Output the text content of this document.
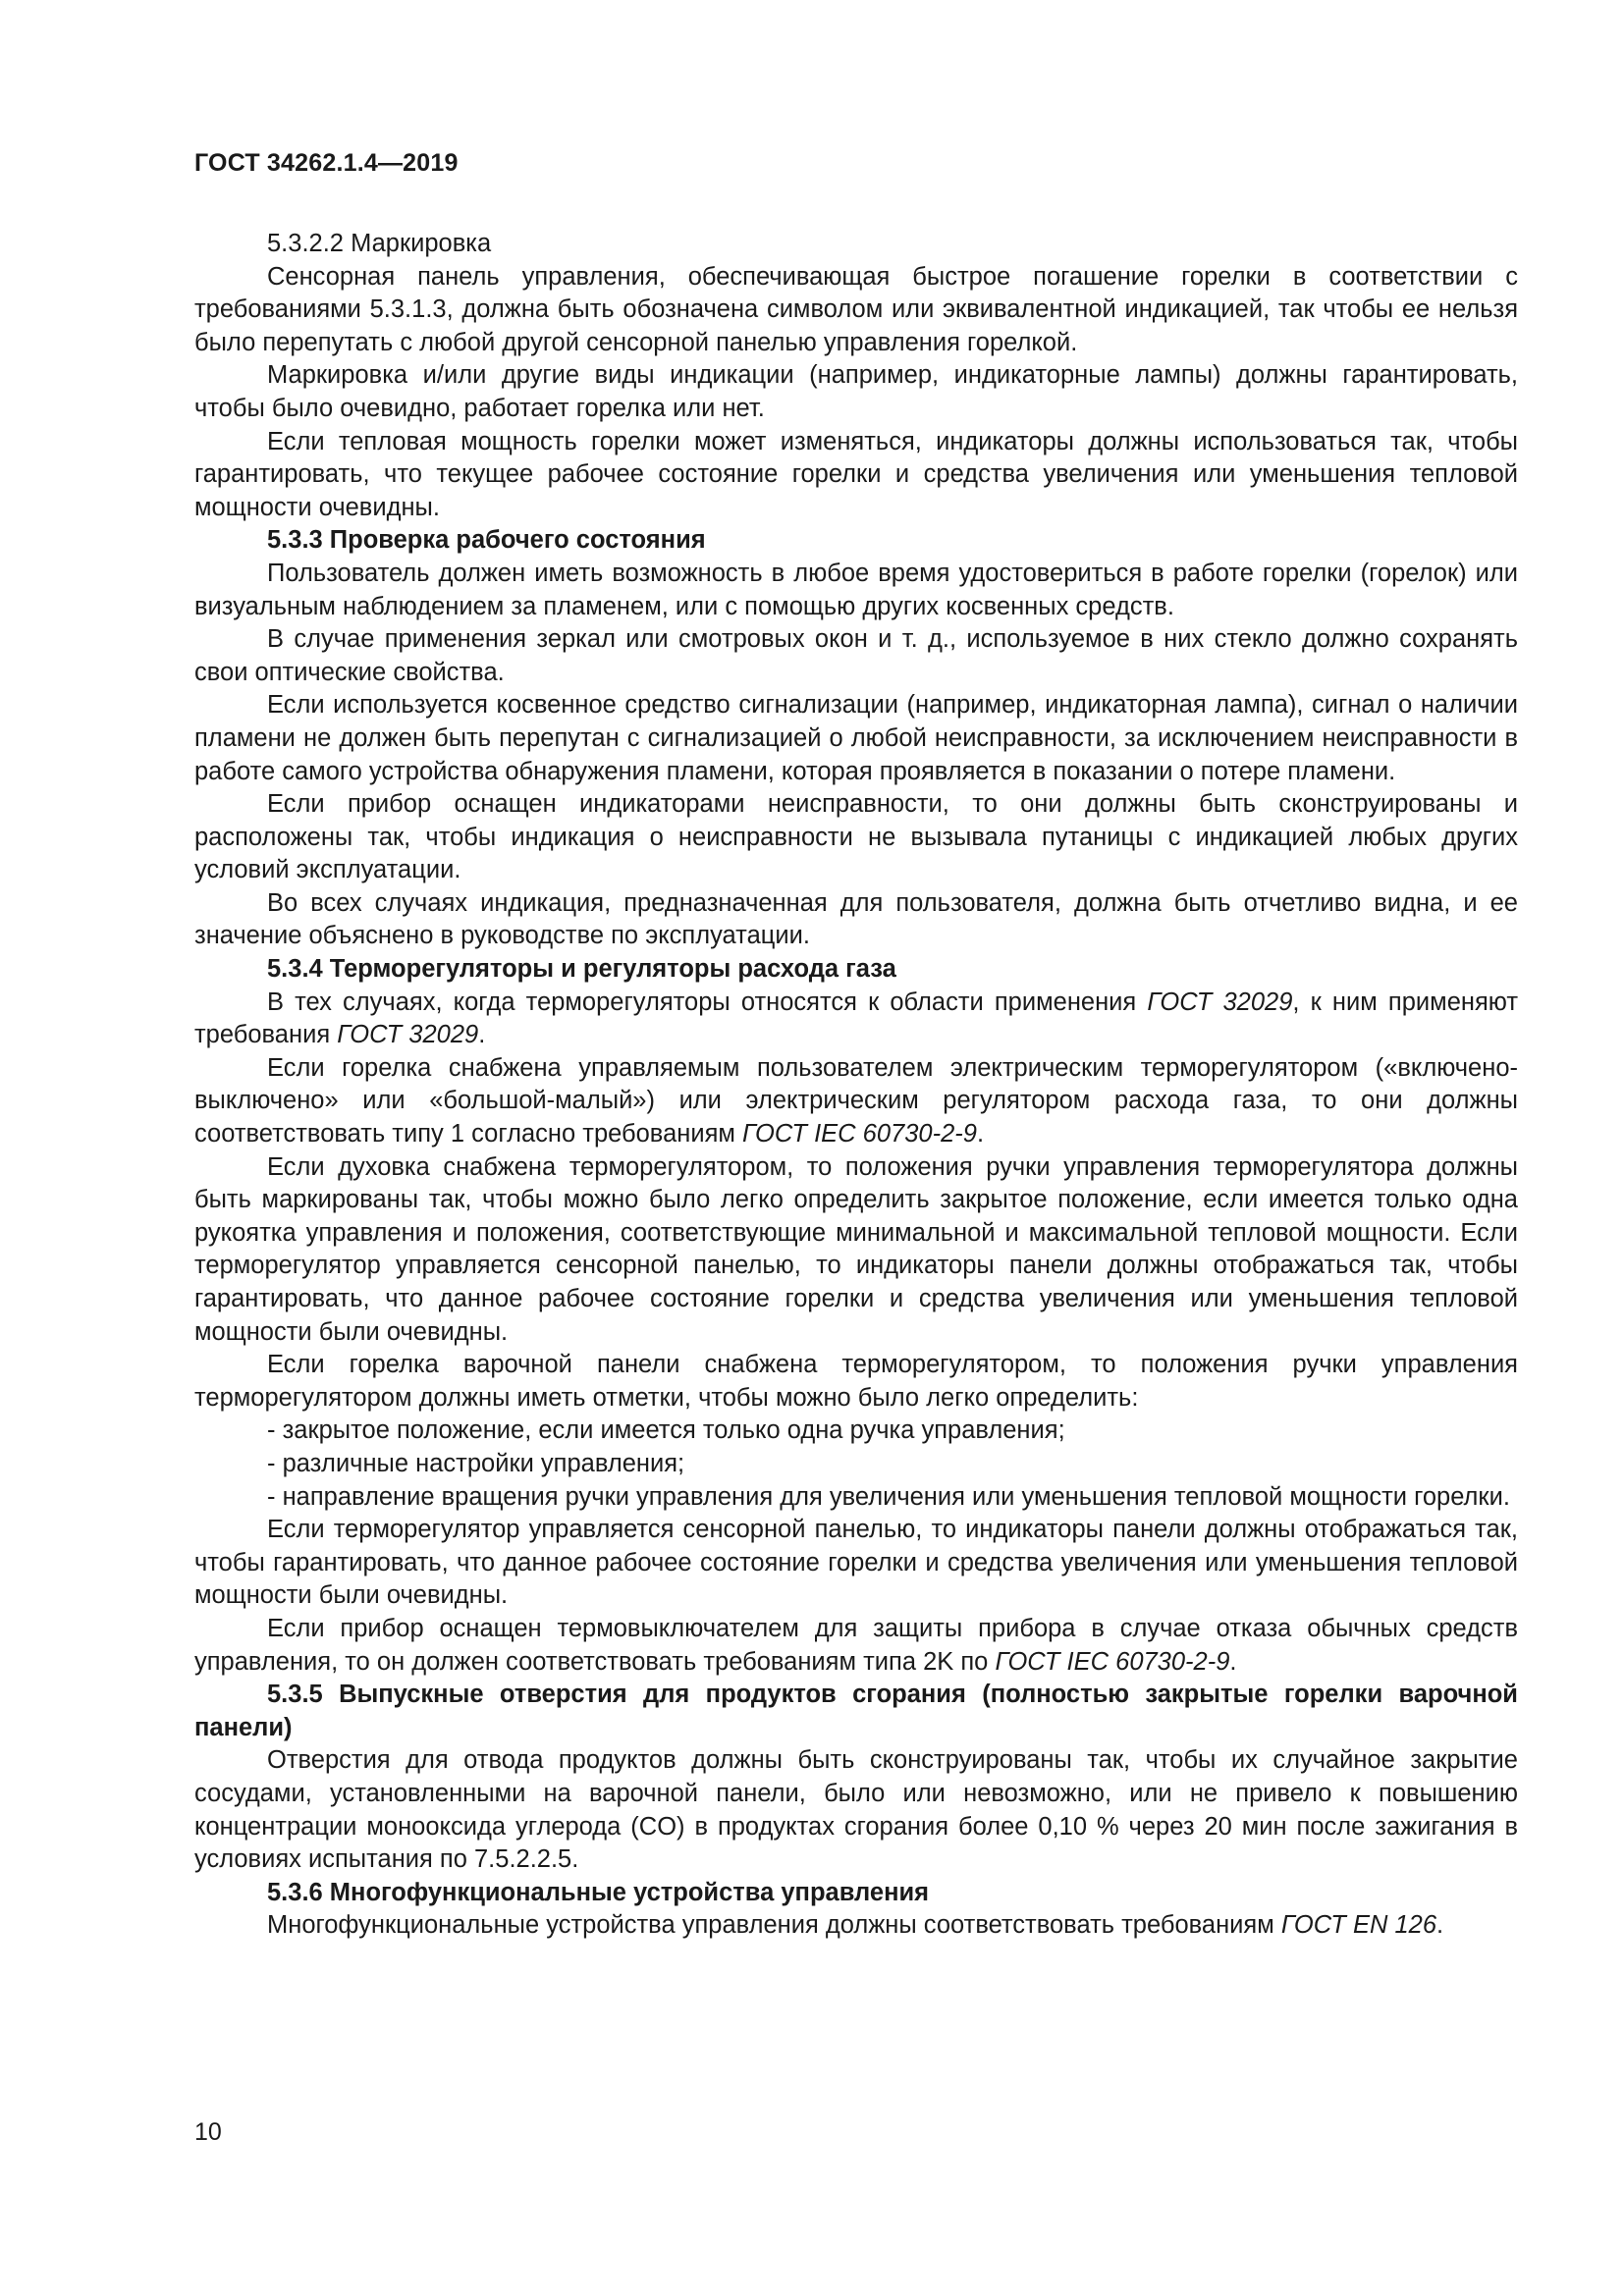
ГОСТ 34262.1.4—2019

5.3.2.2 Маркировка

Сенсорная панель управления, обеспечивающая быстрое погашение горелки в соответствии с требованиями 5.3.1.3, должна быть обозначена символом или эквивалентной индикацией, так чтобы ее нельзя было перепутать с любой другой сенсорной панелью управления горелкой.

Маркировка и/или другие виды индикации (например, индикаторные лампы) должны гарантировать, чтобы было очевидно, работает горелка или нет.

Если тепловая мощность горелки может изменяться, индикаторы должны использоваться так, чтобы гарантировать, что текущее рабочее состояние горелки и средства увеличения или уменьшения тепловой мощности очевидны.

5.3.3 Проверка рабочего состояния

Пользователь должен иметь возможность в любое время удостовериться в работе горелки (горелок) или визуальным наблюдением за пламенем, или с помощью других косвенных средств.

В случае применения зеркал или смотровых окон и т. д., используемое в них стекло должно сохранять свои оптические свойства.

Если используется косвенное средство сигнализации (например, индикаторная лампа), сигнал о наличии пламени не должен быть перепутан с сигнализацией о любой неисправности, за исключением неисправности в работе самого устройства обнаружения пламени, которая проявляется в показании о потере пламени.

Если прибор оснащен индикаторами неисправности, то они должны быть сконструированы и расположены так, чтобы индикация о неисправности не вызывала путаницы с индикацией любых других условий эксплуатации.

Во всех случаях индикация, предназначенная для пользователя, должна быть отчетливо видна, и ее значение объяснено в руководстве по эксплуатации.

5.3.4 Терморегуляторы и регуляторы расхода газа

В тех случаях, когда терморегуляторы относятся к области применения ГОСТ 32029, к ним применяют требования ГОСТ 32029.

Если горелка снабжена управляемым пользователем электрическим терморегулятором («включено-выключено» или «большой-малый») или электрическим регулятором расхода газа, то они должны соответствовать типу 1 согласно требованиям ГОСТ IEC 60730-2-9.

Если духовка снабжена терморегулятором, то положения ручки управления терморегулятора должны быть маркированы так, чтобы можно было легко определить закрытое положение, если имеется только одна рукоятка управления и положения, соответствующие минимальной и максимальной тепловой мощности. Если терморегулятор управляется сенсорной панелью, то индикаторы панели должны отображаться так, чтобы гарантировать, что данное рабочее состояние горелки и средства увеличения или уменьшения тепловой мощности были очевидны.

Если горелка варочной панели снабжена терморегулятором, то положения ручки управления терморегулятором должны иметь отметки, чтобы можно было легко определить:

- закрытое положение, если имеется только одна ручка управления;

- различные настройки управления;

- направление вращения ручки управления для увеличения или уменьшения тепловой мощности горелки.

Если терморегулятор управляется сенсорной панелью, то индикаторы панели должны отображаться так, чтобы гарантировать, что данное рабочее состояние горелки и средства увеличения или уменьшения тепловой мощности были очевидны.

Если прибор оснащен термовыключателем для защиты прибора в случае отказа обычных средств управления, то он должен соответствовать требованиям типа 2K по ГОСТ IEC 60730-2-9.

5.3.5 Выпускные отверстия для продуктов сгорания (полностью закрытые горелки варочной панели)

Отверстия для отвода продуктов должны быть сконструированы так, чтобы их случайное закрытие сосудами, установленными на варочной панели, было или невозможно, или не привело к повышению концентрации монооксида углерода (CO) в продуктах сгорания более 0,10 % через 20 мин после зажигания в условиях испытания по 7.5.2.2.5.

5.3.6 Многофункциональные устройства управления

Многофункциональные устройства управления должны соответствовать требованиям ГОСТ EN 126.

10
